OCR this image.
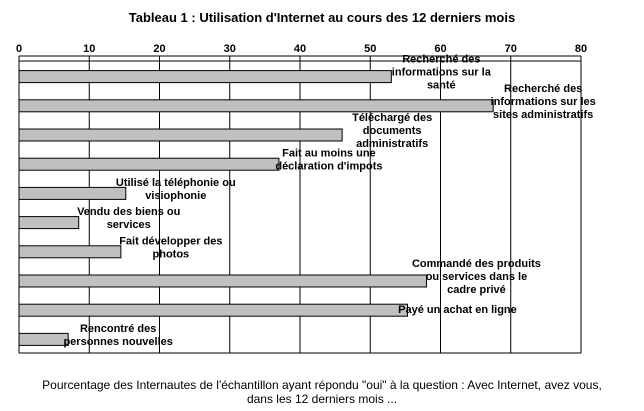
Tableau 1 : Utilisation d'Internet au cours des 12 derniers mois
0	10	20	30	40	50	60	70	80
Recherché des informations sur la santé	Recherché des informations sur les sites administratifs
Téléchargé des documents administratifs
Fait au moins une déclaration d'impots
Utilisé la téléphonie ou visiophonie
Vendu des biens ou services
Fait développer des photos
Commandé des produits ou services dans le cadre privé
Payé un achat en ligne
Rencontré des personnes nouvelles
Pourcentage des Internautes de l'échantillon ayant répondu "oui" à la question : Avec Internet, avez vous,
dans les 12 derniers mois ...
